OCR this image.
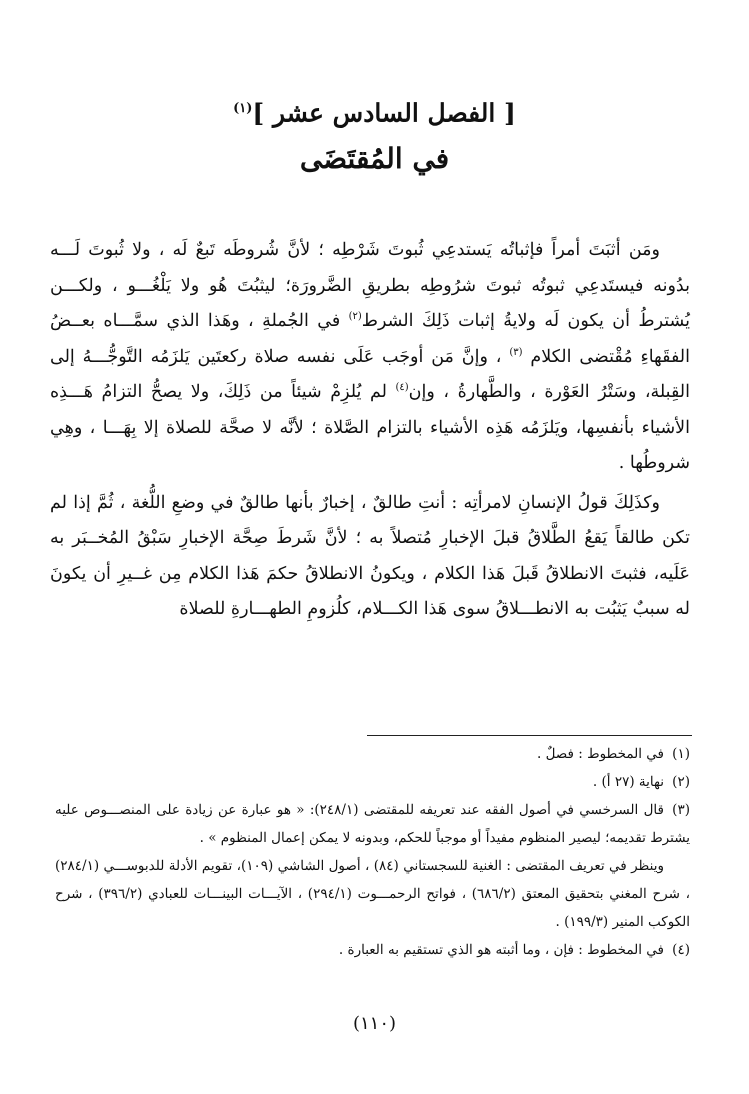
[ الفصل السادس عشر ]$^{(١)}$
في المُقتَضَى

ومَن أثبَتَ أمراً فإثباتُه يَستدعِي ثُبوتَ شَرْطِه ؛ لأنَّ شُروطَه تَبعٌ لَه ، ولا ثُبوتَ لَـــه بدُونه فيستَدعِي ثبوتُه ثبوتَ شرُوطِه بطريقِ الضَّرورَة؛ ليثبُتَ هُو ولا يَلْغُـــو ، ولكـــن يُشترطُ أن يكون لَه ولايةُ إثبات ذَلِكَ الشرط$^{(٢)}$ في الجُملةِ ، وهَذا الذي سمَّـــاه بعــضُ الفقَهاءِ مُقْتضى الكلام $^{(٣)}$ ، وإنَّ مَن أوجَب عَلَى نفسه صلاة ركعتَين يَلزَمُه التَّوجُّـــهُ إلى القِبلة، وسَتْرُ العَوْرة ، والطَّهارةُ ، وإن$^{(٤)}$ لم يُلزِمْ شيئاً من ذَلِكَ، ولا يصحُّ التزامُ هَـــذِه الأشياء بأنفسِها، ويَلزَمُه هَذِه الأشياء بالتزام الصَّلاة ؛ لأنَّه لا صحَّة للصلاة إلا بِهَـــا ، وهِي شروطُها .

وكذَلِكَ قولُ الإنسانِ لامرأتِه : أنتِ طالقٌ ، إخبارٌ بأنها طالقٌ في وضعِ اللُّغة ، ثُمَّ إذا لم تكن طالقاً يَقعُ الطَّلاقُ قبلَ الإخبارِ مُتصلاً به ؛ لأنَّ شَرطَ صِحَّة الإخبارِ سَبْقُ المُخــبَر به عَلَيه، فثبتَ الانطلاقُ قَبلَ هَذا الكلام ، ويكونُ الانطلاقُ حكمَ هَذا الكلام مِن غــيرِ أن يكونَ له سببٌ يَثبُت به الانطـــلاقُ سوى هَذا الكـــلام، كلُزومِ الطهـــارةِ للصلاة

(١)في المخطوط : فصلٌ .

(٢)نهاية (٢٧ أ) .

(٣)قال السرخسي في أصول الفقه عند تعريفه للمقتضى (٢٤٨/١): « هو عبارة عن زيادة على المنصـــوص عليه يشترط تقديمه؛ ليصير المنظوم مفيداً أو موجباً للحكم، وبدونه لا يمكن إعمال المنظوم » .

وينظر في تعريف المقتضى : الغنية للسجستاني (٨٤) ، أصول الشاشي (١٠٩)، تقويم الأدلة للدبوســـي (٢٨٤/١) ، شرح المغني بتحقيق المعتق (٦٨٦/٢) ، فواتح الرحمـــوت (٢٩٤/١) ، الآيـــات البينـــات للعبادي (٣٩٦/٢) ، شرح الكوكب المنير (١٩٩/٣) .

(٤)في المخطوط : فإن ، وما أثبته هو الذي تستقيم به العبارة .

(١١٠)
